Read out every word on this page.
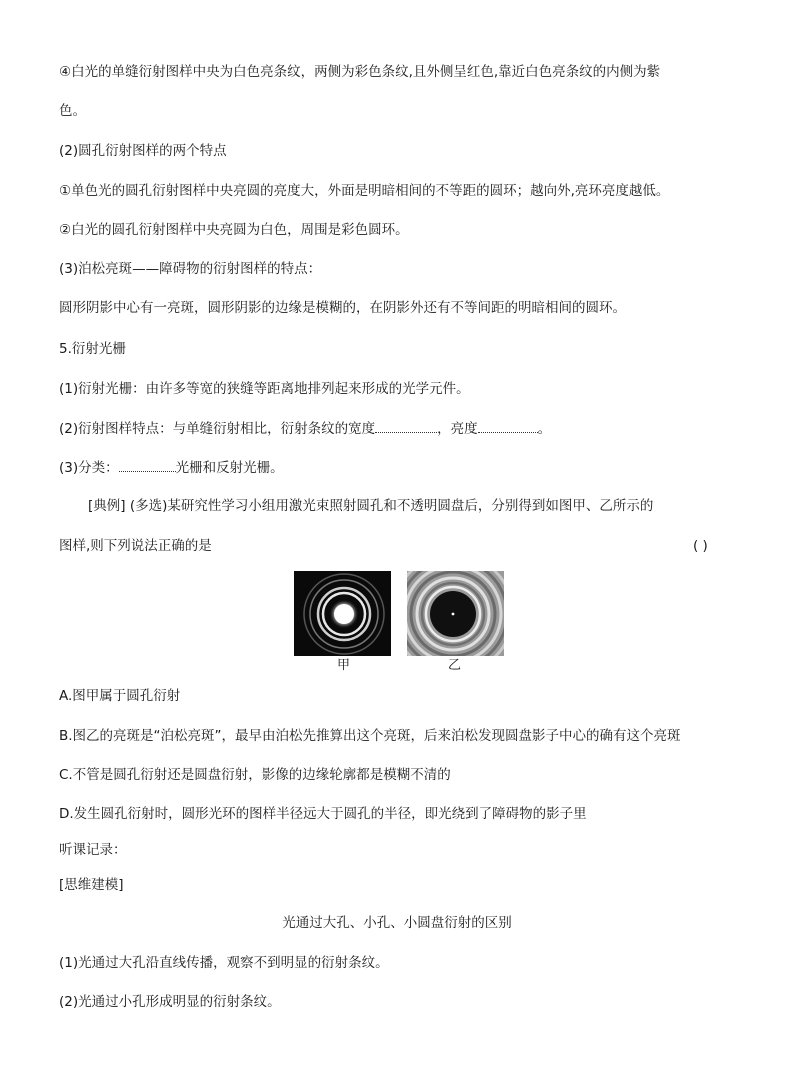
④白光的单缝衍射图样中央为白色亮条纹，两侧为彩色条纹,且外侧呈红色,靠近白色亮条纹的内侧为紫
色。
(2)圆孔衍射图样的两个特点
①单色光的圆孔衍射图样中央亮圆的亮度大，外面是明暗相间的不等距的圆环；越向外,亮环亮度越低。
②白光的圆孔衍射图样中央亮圆为白色，周围是彩色圆环。
(3)泊松亮斑——障碍物的衍射图样的特点：
圆形阴影中心有一亮斑，圆形阴影的边缘是模糊的，在阴影外还有不等间距的明暗相间的圆环。
5.衍射光栅
(1)衍射光栅：由许多等宽的狭缝等距离地排列起来形成的光学元件。
(2)衍射图样特点：与单缝衍射相比，衍射条纹的宽度	，亮度	。
(3)分类：	光栅和反射光栅。
[典例] (多选)某研究性学习小组用激光束照射圆孔和不透明圆盘后，分别得到如图甲、乙所示的
图样,则下列说法正确的是	( )
甲	乙
A.图甲属于圆孔衍射
B.图乙的亮斑是“泊松亮斑”，最早由泊松先推算出这个亮斑，后来泊松发现圆盘影子中心的确有这个亮斑
C.不管是圆孔衍射还是圆盘衍射，影像的边缘轮廓都是模糊不清的
D.发生圆孔衍射时，圆形光环的图样半径远大于圆孔的半径，即光绕到了障碍物的影子里
听课记录：
[思维建模]
光通过大孔、小孔、小圆盘衍射的区别
(1)光通过大孔沿直线传播，观察不到明显的衍射条纹。
(2)光通过小孔形成明显的衍射条纹。
